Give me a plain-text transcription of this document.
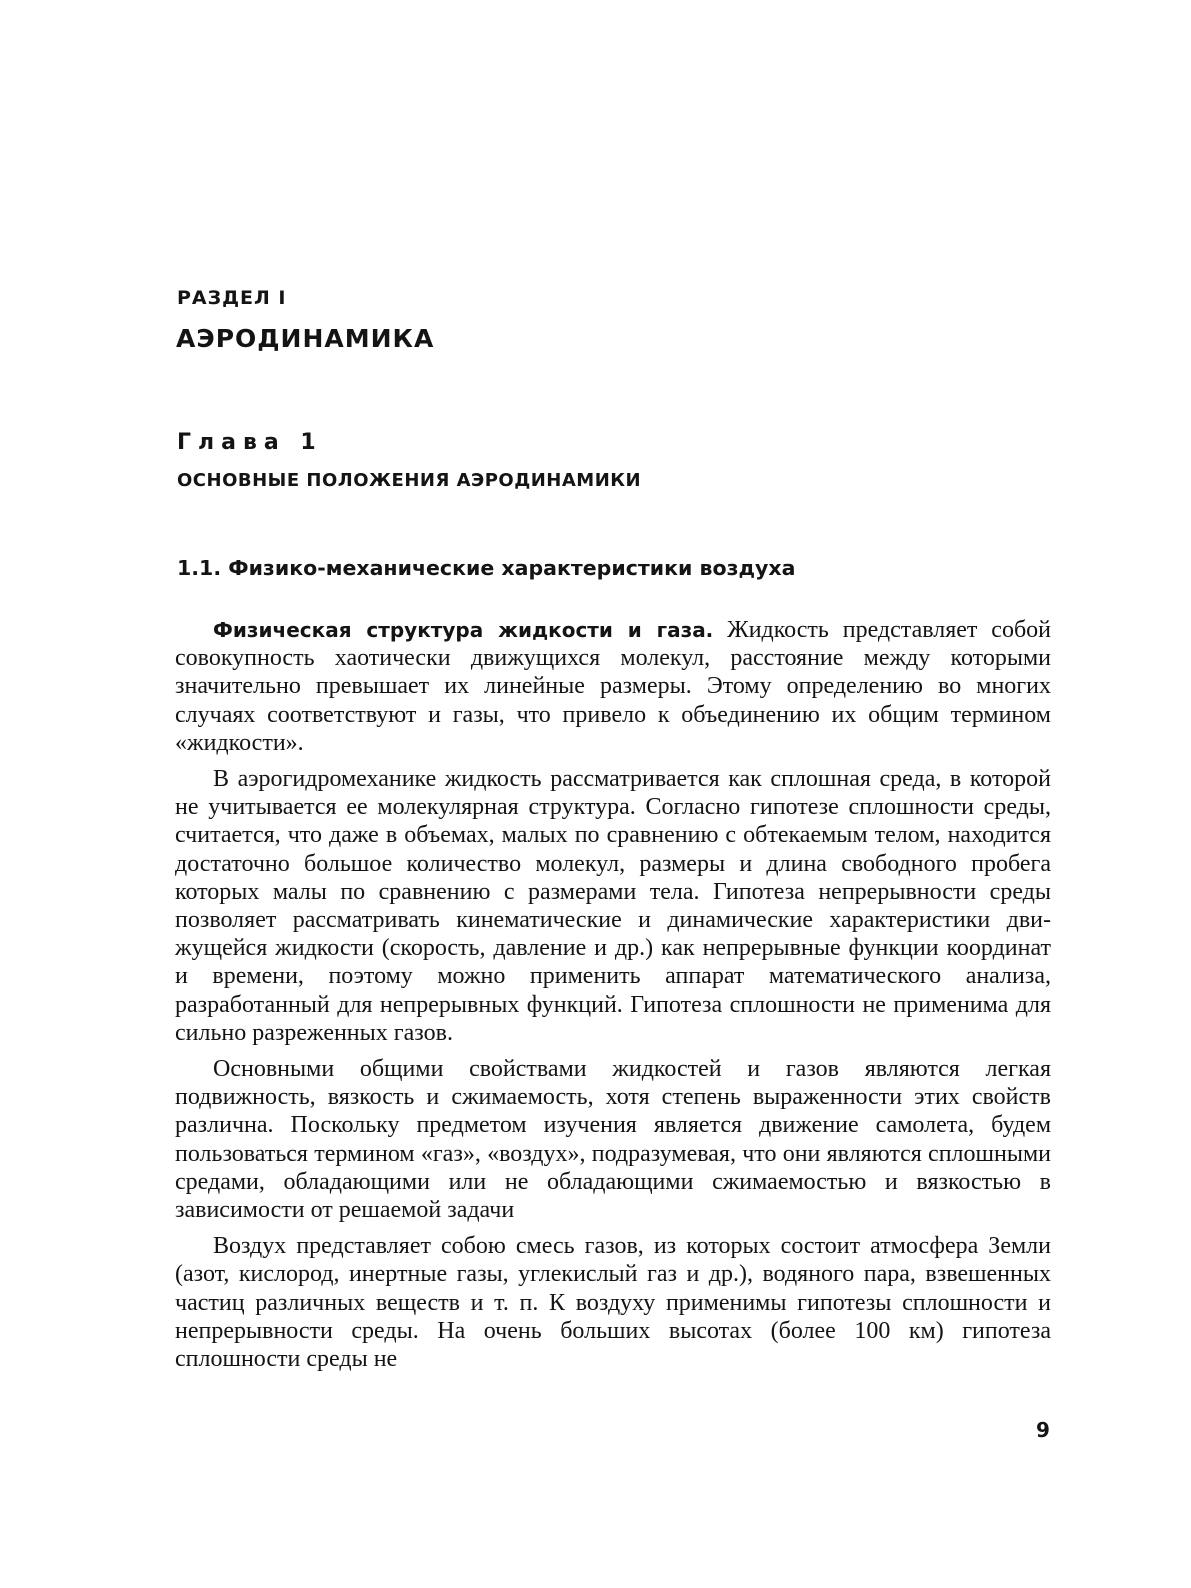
РАЗДЕЛ I

АЭРОДИНАМИКА

Глава 1

ОСНОВНЫЕ ПОЛОЖЕНИЯ АЭРОДИНАМИКИ
1.1. Физико-механические характеристики воздуха

Физическая структура жидкости и газа. Жидкость представляет собой совокупность хаотически движущихся молекул, расстояние между которыми значительно превышает их линейные размеры. Этому определению во многих случаях соответствуют и газы, что привело к объединению их общим термином «жидкости».

В аэрогидромеханике жидкость рассматривается как сплошная среда, в которой не учитывается ее молекулярная структура. Согласно гипотезе сплошности среды, считается, что даже в объемах, малых по сравнению с обтекаемым телом, находится достаточно большое количество молекул, размеры и длина свободного пробега которых малы по сравнению с размерами тела. Гипотеза непрерывности среды позволяет рассматривать кинематические и динамические характеристики движущейся жидкости (скорость, давление и др.) как непрерывные функции координат и времени, поэтому можно применить аппарат математического анализа, разработанный для непрерывных функций. Гипотеза сплошности не применима для сильно разреженных газов.

Основными общими свойствами жидкостей и газов являются легкая подвижность, вязкость и сжимаемость, хотя степень выраженности этих свойств различна. Поскольку предметом изучения является движение самолета, будем пользоваться термином «газ», «воздух», подразумевая, что они являются сплошными средами, обладающими или не обладающими сжимаемостью и вязкостью в зависимости от решаемой задачи

Воздух представляет собою смесь газов, из которых состоит атмосфера Земли (азот, кислород, инертные газы, углекислый газ и др.), водяного пара, взвешенных частиц различных веществ и т. п. К воздуху применимы гипотезы сплошности и непрерывности среды. На очень больших высотах (более 100 км) гипотеза сплошности среды не

9
